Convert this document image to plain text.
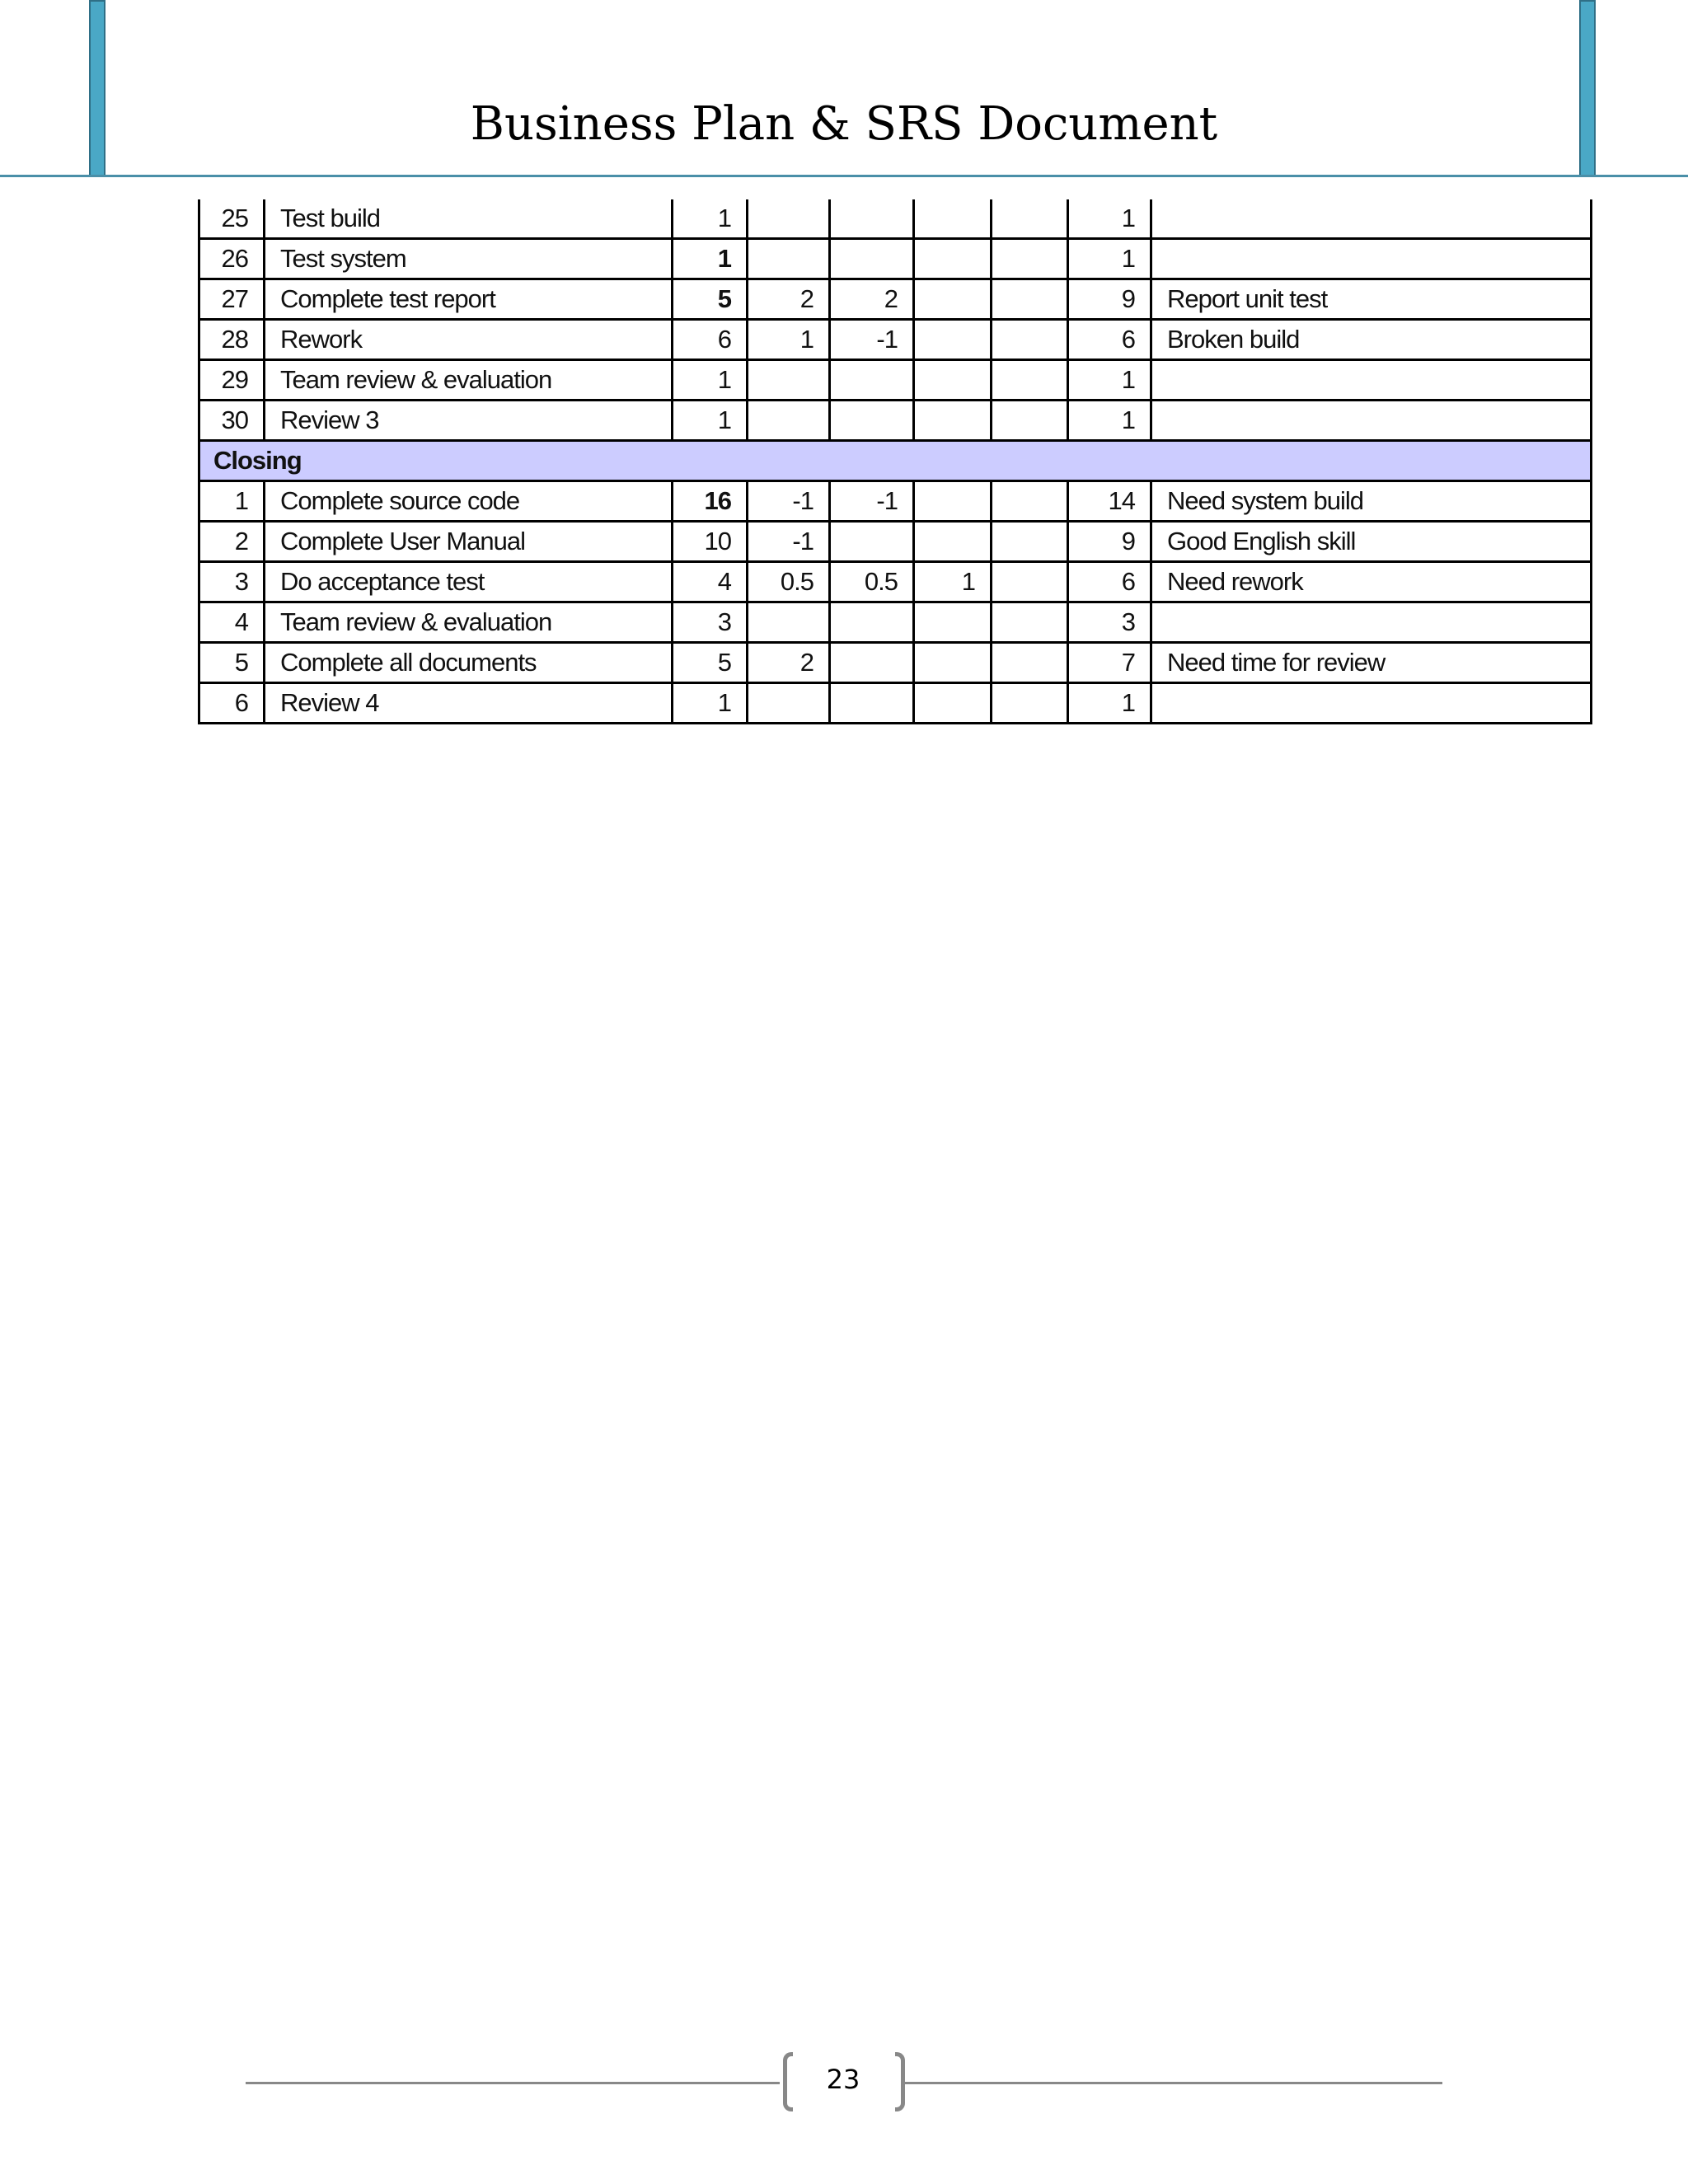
Business Plan & SRS Document
25	Test build	1					1	
26	Test system	1					1	
27	Complete test report	5	2	2			9	Report unit test
28	Rework	6	1	-1			6	Broken build
29	Team review & evaluation	1					1	
30	Review 3	1					1	
Closing								
1	Complete source code	16	-1	-1			14	Need system build
2	Complete User Manual	10	-1				9	Good English skill
3	Do acceptance test	4	0.5	0.5	1		6	Need rework
4	Team review & evaluation	3					3	
5	Complete all documents	5	2				7	Need time for review
6	Review 4	1					1	
23
